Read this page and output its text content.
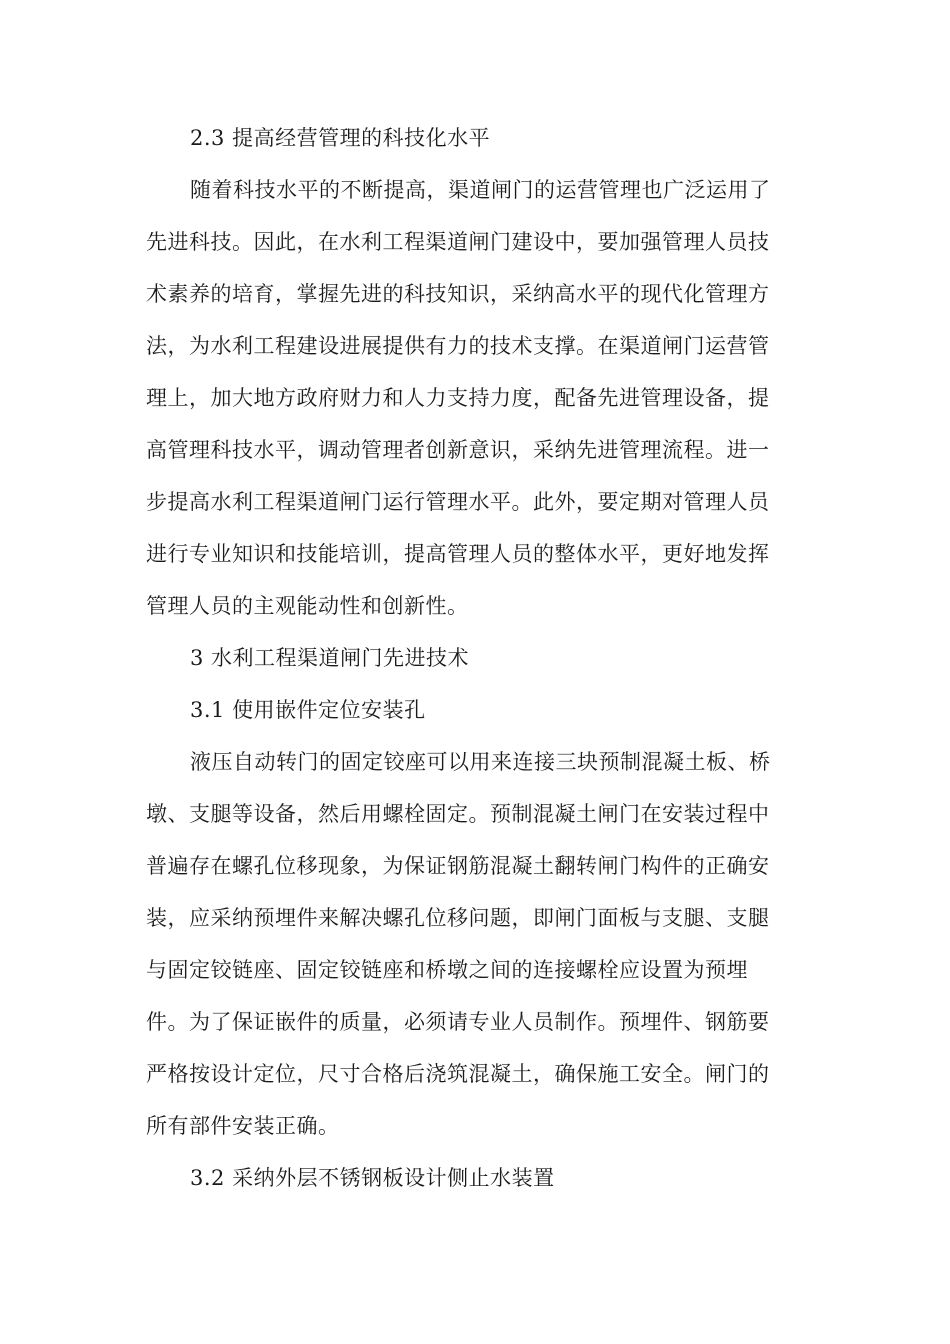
2.3 提高经营管理的科技化水平
随着科技水平的不断提高，渠道闸门的运营管理也广泛运用了
先进科技。因此，在水利工程渠道闸门建设中，要加强管理人员技
术素养的培育，掌握先进的科技知识，采纳高水平的现代化管理方
法，为水利工程建设进展提供有力的技术支撑。在渠道闸门运营管
理上，加大地方政府财力和人力支持力度，配备先进管理设备，提
高管理科技水平，调动管理者创新意识，采纳先进管理流程。进一
步提高水利工程渠道闸门运行管理水平。此外，要定期对管理人员
进行专业知识和技能培训，提高管理人员的整体水平，更好地发挥
管理人员的主观能动性和创新性。
3 水利工程渠道闸门先进技术
3.1 使用嵌件定位安装孔
液压自动转门的固定铰座可以用来连接三块预制混凝土板、桥
墩、支腿等设备，然后用螺栓固定。预制混凝土闸门在安装过程中
普遍存在螺孔位移现象，为保证钢筋混凝土翻转闸门构件的正确安
装，应采纳预埋件来解决螺孔位移问题，即闸门面板与支腿、支腿
与固定铰链座、固定铰链座和桥墩之间的连接螺栓应设置为预埋
件。为了保证嵌件的质量，必须请专业人员制作。预埋件、钢筋要
严格按设计定位，尺寸合格后浇筑混凝土，确保施工安全。闸门的
所有部件安装正确。
3.2 采纳外层不锈钢板设计侧止水装置
